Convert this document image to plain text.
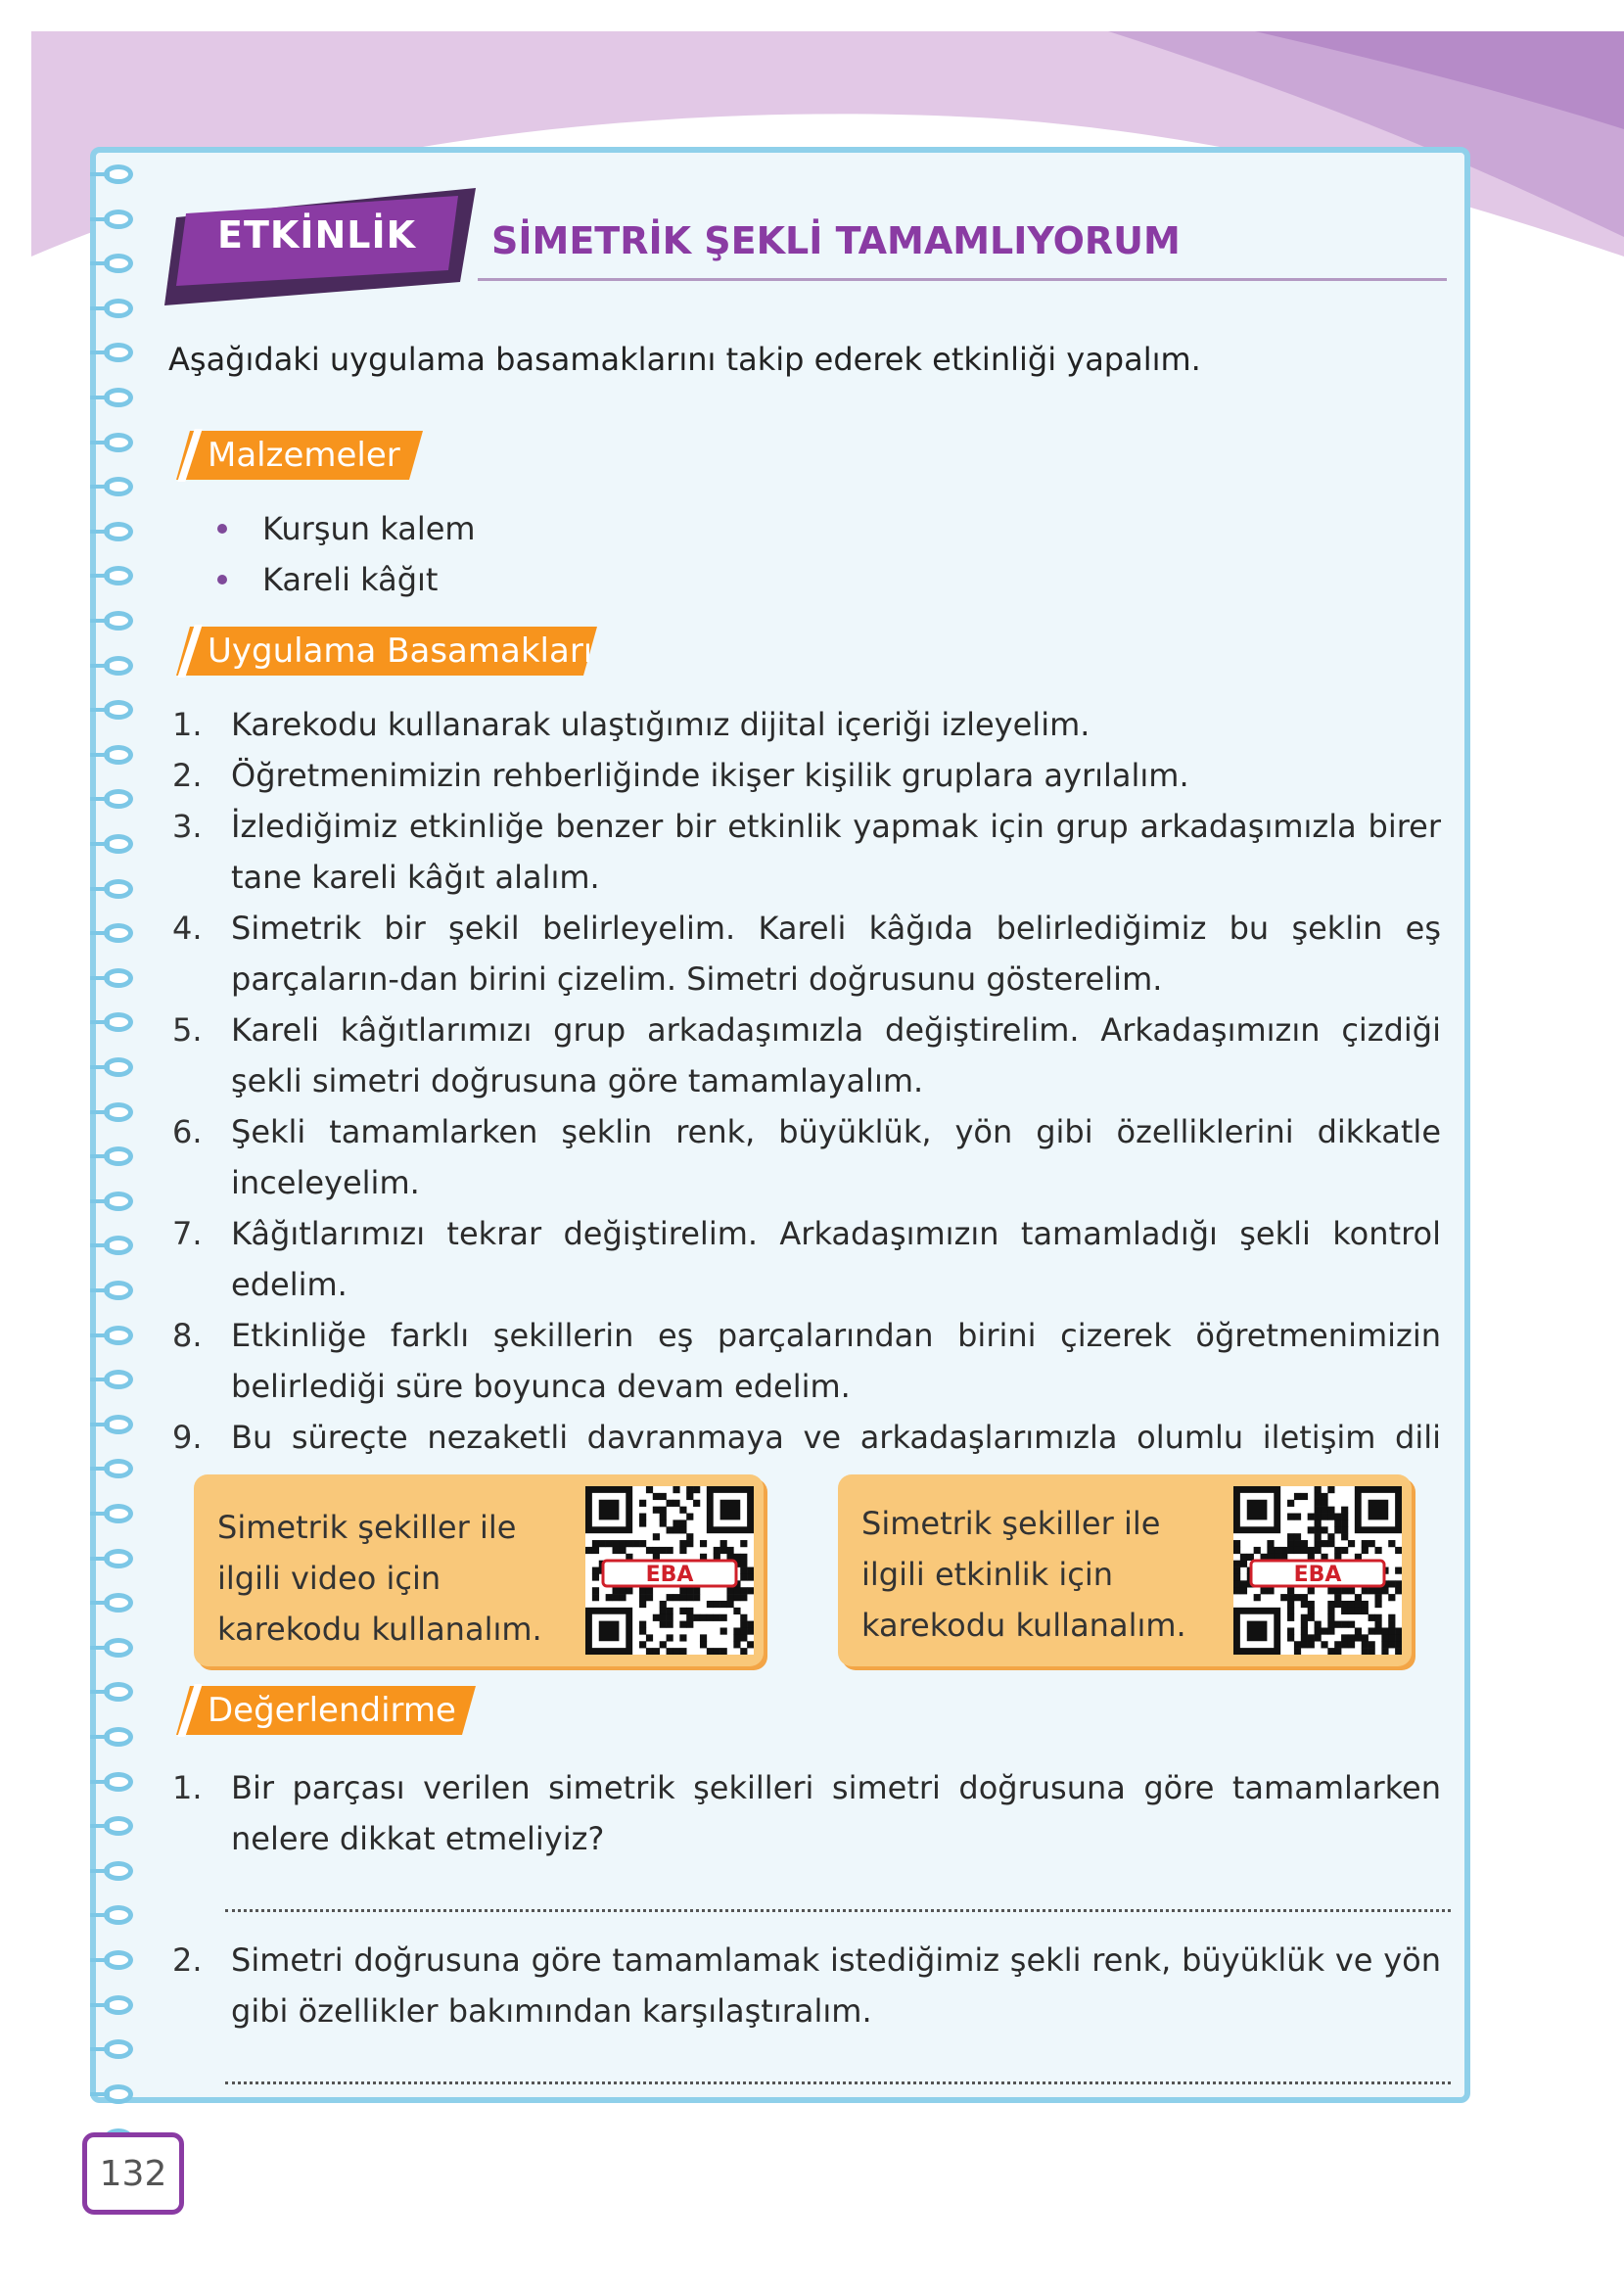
ETKİNLİK SİMETRİK ŞEKLİ TAMAMLIYORUM
Aşağıdaki uygulama basamaklarını takip ederek etkinliği yapalım.
Malzemeler
Kurşun kalem
Kareli kâğıt
Uygulama Basamakları
1. Karekodu kullanarak ulaştığımız dijital içeriği izleyelim.
2. Öğretmenimizin rehberliğinde ikişer kişilik gruplara ayrılalım.
3. İzlediğimiz etkinliğe benzer bir etkinlik yapmak için grup arkadaşımızla birer tane kareli kâğıt alalım.
4. Simetrik bir şekil belirleyelim. Kareli kâğıda belirlediğimiz bu şeklin eş parçaların-dan birini çizelim. Simetri doğrusunu gösterelim.
5. Kareli kâğıtlarımızı grup arkadaşımızla değiştirelim. Arkadaşımızın çizdiği şekli simetri doğrusuna göre tamamlayalım.
6. Şekli tamamlarken şeklin renk, büyüklük, yön gibi özelliklerini dikkatle inceleyelim.
7. Kâğıtlarımızı tekrar değiştirelim. Arkadaşımızın tamamladığı şekli kontrol edelim.
8. Etkinliğe farklı şekillerin eş parçalarından birini çizerek öğretmenimizin belirlediği süre boyunca devam edelim.
9. Bu süreçte nezaketli davranmaya ve arkadaşlarımızla olumlu iletişim dili
Simetrik şekiller ile ilgili video için karekodu kullanalım.
EBA
Simetrik şekiller ile ilgili etkinlik için karekodu kullanalım.
EBA
Değerlendirme
1. Bir parçası verilen simetrik şekilleri simetri doğrusuna göre tamamlarken nelere dikkat etmeliyiz?
2. Simetri doğrusuna göre tamamlamak istediğimiz şekli renk, büyüklük ve yön gibi özellikler bakımından karşılaştıralım.
132
